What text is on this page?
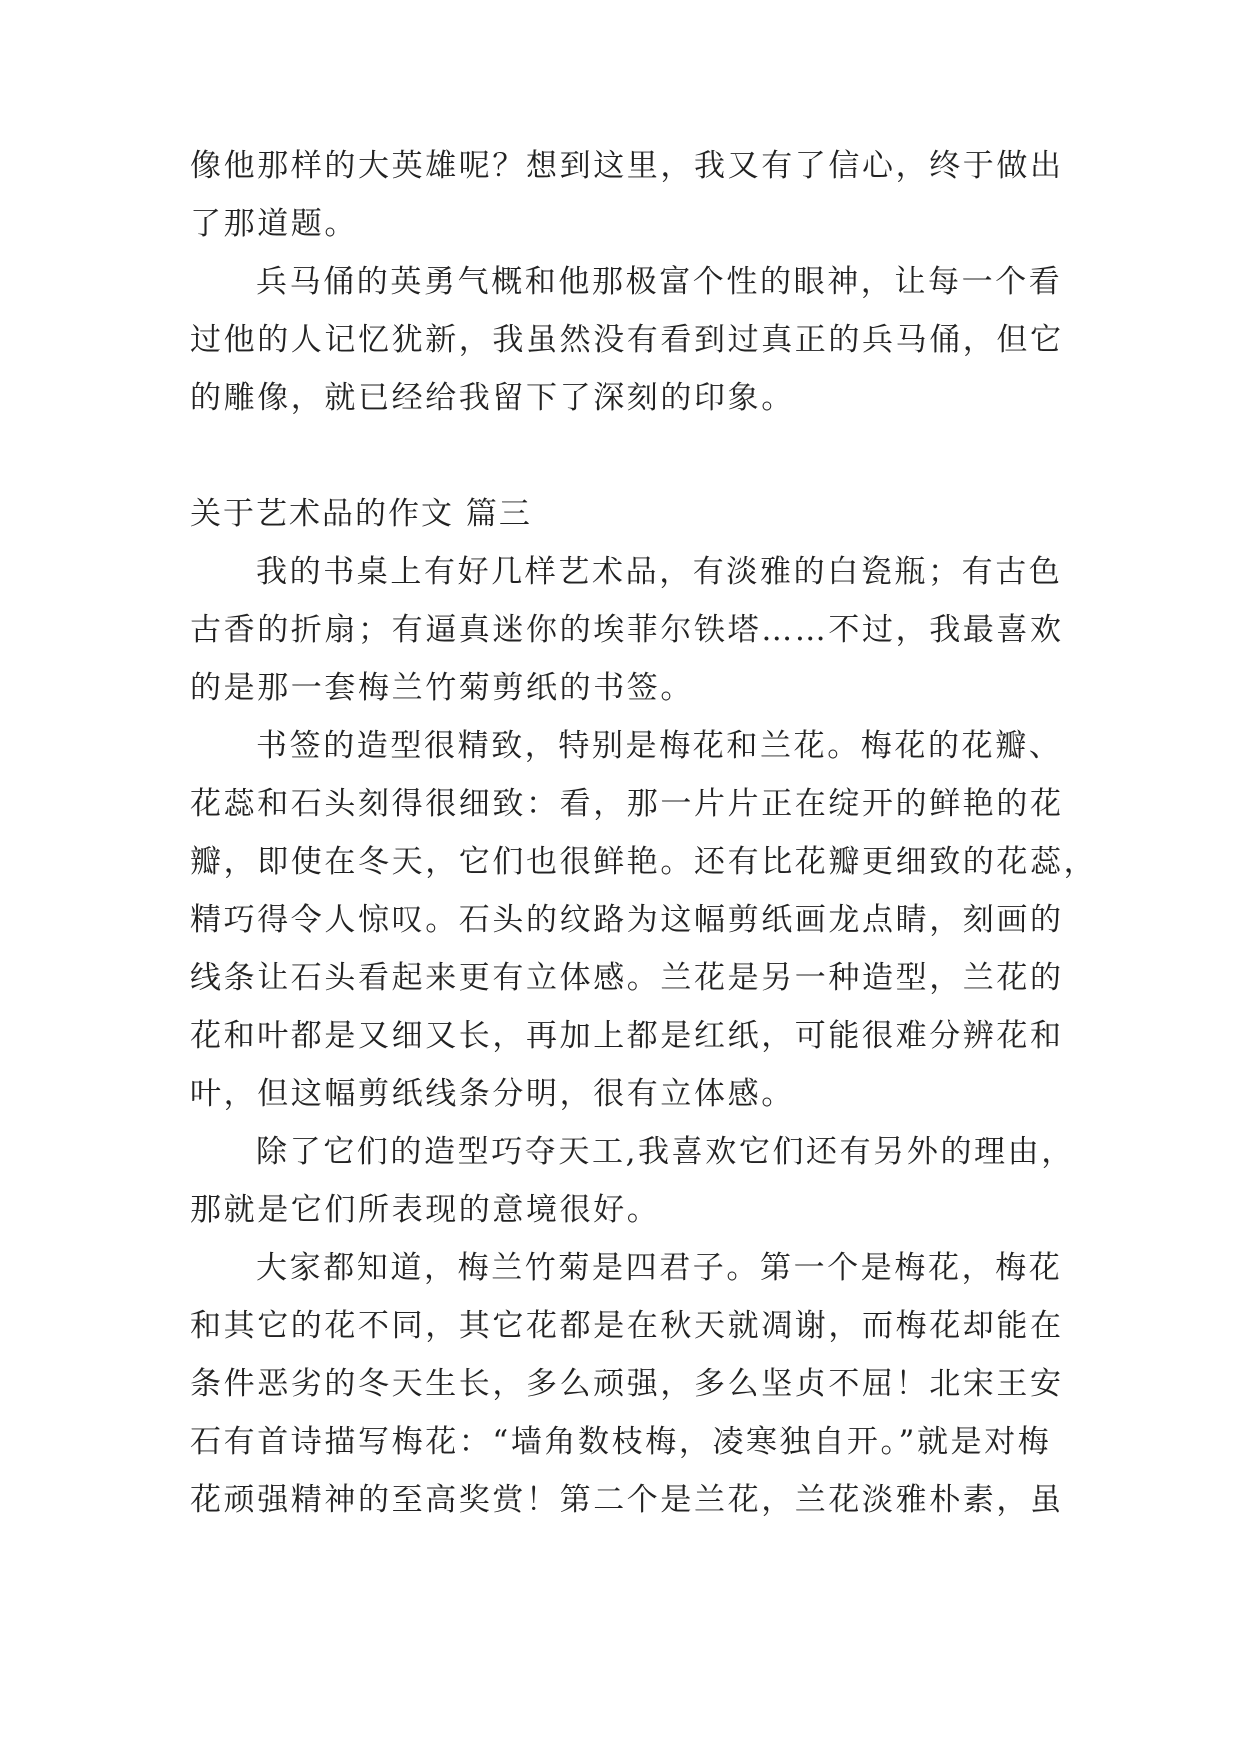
像他那样的大英雄呢？想到这里，我又有了信心，终于做出
了那道题。
兵马俑的英勇气概和他那极富个性的眼神，让每一个看
过他的人记忆犹新，我虽然没有看到过真正的兵马俑，但它
的雕像，就已经给我留下了深刻的印象。
关于艺术品的作文 篇三
我的书桌上有好几样艺术品，有淡雅的白瓷瓶；有古色
古香的折扇；有逼真迷你的埃菲尔铁塔……不过，我最喜欢
的是那一套梅兰竹菊剪纸的书签。
书签的造型很精致，特别是梅花和兰花。梅花的花瓣、
花蕊和石头刻得很细致：看，那一片片正在绽开的鲜艳的花
瓣，即使在冬天，它们也很鲜艳。还有比花瓣更细致的花蕊，
精巧得令人惊叹。石头的纹路为这幅剪纸画龙点睛，刻画的
线条让石头看起来更有立体感。兰花是另一种造型，兰花的
花和叶都是又细又长，再加上都是红纸，可能很难分辨花和
叶，但这幅剪纸线条分明，很有立体感。
除了它们的造型巧夺天工,我喜欢它们还有另外的理由，
那就是它们所表现的意境很好。
大家都知道，梅兰竹菊是四君子。第一个是梅花，梅花
和其它的花不同，其它花都是在秋天就凋谢，而梅花却能在
条件恶劣的冬天生长，多么顽强，多么坚贞不屈！北宋王安
石有首诗描写梅花：“墙角数枝梅，凌寒独自开。”就是对梅
花顽强精神的至高奖赏！第二个是兰花，兰花淡雅朴素，虽
